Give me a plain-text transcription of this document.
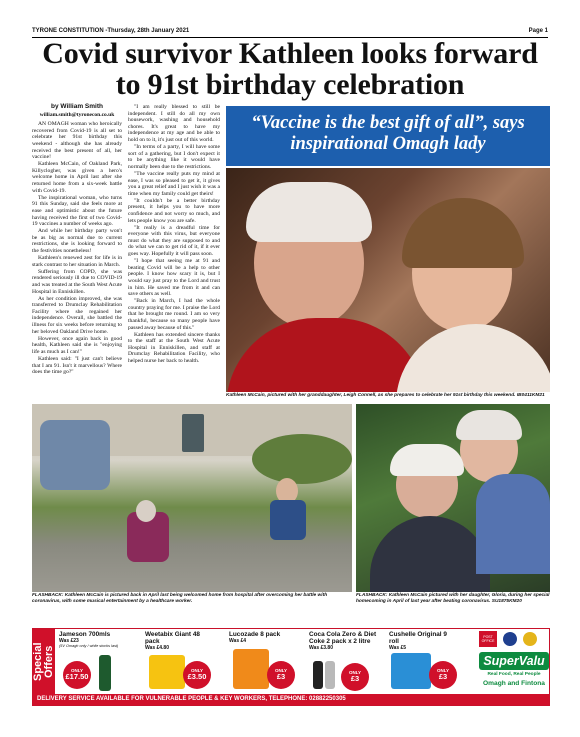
TYRONE CONSTITUTION -Thursday, 28th January 2021	Page 1
Covid survivor Kathleen looks forward to 91st birthday celebration
by William Smith
william.smith@tyronecon.co.uk

AN OMAGH woman who heroically recovered from Covid-19 is all set to celebrate her 91st birthday this weekend - although she has already received the best present of all, her vaccine!

Kathleen McCain, of Oakland Park, Killyclogher, was given a hero's welcome home in April last after she returned home from a six-week battle with Covid-19.

The inspirational woman, who turns 91 this Sunday, said she feels more at ease and optimistic about the future having received the first of two Covid-19 vaccines a number of weeks ago.

And while her birthday party won't be as big as normal due to current restrictions, she is looking forward to the festivities nonetheless!

Kathleen's renewed zest for life is in stark contrast to her situation in March.

Suffering from COPD, she was rendered seriously ill due to COVID-19 and was treated at the South West Acute Hospital in Enniskillen.

As her condition improved, she was transferred to Drumclay Rehabilitation Facility where she regained her independence. Overall, she battled the illness for six weeks before returning to her beloved Oakland Drive home.

However, once again back in good health, Kathleen said she is "enjoying life as much as I can!"

Kathleen said: "I just can't believe that I am 91. Isn't it marvellous? Where does the time go?"

"I am really blessed to still be independent. I still do all my own housework, washing and household chores. It's great to have my independence at my age and be able to hold on to it, it's just out of this world.

"In terms of a party, I will have some sort of a gathering, but I don't expect it to be anything like it would have normally been due to the restrictions.

"The vaccine really puts my mind at ease, I was so pleased to get it, it gives you a great relief and I just wish it was a time when my family could get theirs!

"It couldn't be a better birthday present, it helps you to have more confidence and not worry so much, and lets people know you are safe.

"It really is a dreadful time for everyone with this virus, but everyone must do what they are supposed to and do what we can to get rid of it, if it ever goes way. Hopefully it will pass soon.

"I hope that seeing me at 91 and beating Covid will be a help to other people. I know how scary it is, but I would say just pray to the Lord and trust in him. He saved me from it and can save others as well.

"Back in March, I had the whole country praying for me. I praise the Lord that he brought me round. I am so very thankful, because so many people have passed away because of this."

Kathleen has extended sincere thanks to the staff at the South West Acute Hospital in Enniskillen, and staff at Drumclay Rehabilitation Facility, who helped nurse her back to health.

“Vaccine is the best gift of all”, says inspirational Omagh lady
Kathleen McCain, pictured with her granddaughter, Leigh Connell, as she prepares to celebrate her 91st birthday this weekend. IB0411KM21
FLASHBACK: Kathleen McCain is pictured back in April last being welcomed home from hospital after overcoming her battle with coronavirus, with some musical entertainment by a healthcare worker.
FLASHBACK: Kathleen McCain pictured with her daughter, Gloria, during her special homecoming in April of last year after beating coronavirus. SU1875KM20
Special Offers
Jameson 700mls
Was £23
(5V Omagh only / while stocks last)
ONLY
£17.50
Weetabix Giant 48 pack
Was £4.80
ONLY
£3.50
Lucozade 8 pack
Was £4
ONLY
£3
Coca Cola Zero & Diet Coke 2 pack x 2 litre
Was £3.80
ONLY
£3
Cushelle Original 9 roll
Was £5
ONLY
£3
POST OFFICE
SuperValu
Real Food, Real People
Omagh and Fintona
DELIVERY SERVICE AVAILABLE FOR VULNERABLE PEOPLE & KEY WORKERS, TELEPHONE: 02882250305
